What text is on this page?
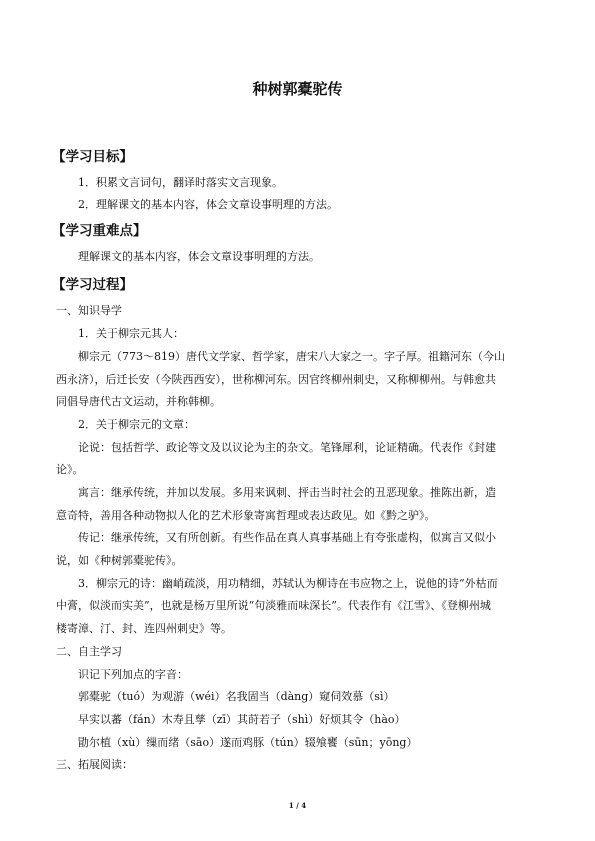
种树郭橐驼传
【学习目标】
1．积累文言词句，翻译时落实文言现象。
2．理解课文的基本内容，体会文章设事明理的方法。
【学习重难点】
理解课文的基本内容，体会文章设事明理的方法。
【学习过程】
一、知识导学
1．关于柳宗元其人：
柳宗元（773～819）唐代文学家、哲学家，唐宋八大家之一。字子厚。祖籍河东（今山
西永济），后迁长安（今陕西西安），世称柳河东。因官终柳州刺史，又称柳柳州。与韩愈共
同倡导唐代古文运动，并称韩柳。
2．关于柳宗元的文章：
论说：包括哲学、政论等文及以议论为主的杂文。笔锋犀利，论证精确。代表作《封建
论》。
寓言：继承传统，并加以发展。多用来讽刺、抨击当时社会的丑恶现象。推陈出新，造
意奇特，善用各种动物拟人化的艺术形象寄寓哲理或表达政见。如《黔之驴》。
传记：继承传统，又有所创新。有些作品在真人真事基础上有夸张虚构，似寓言又似小
说，如《种树郭橐驼传》。
3．柳宗元的诗：幽峭疏淡，用功精细，苏轼认为柳诗在韦应物之上，说他的诗“外枯而
中膏，似淡而实美”，也就是杨万里所说“句淡雅而味深长”。代表作有《江雪》、《登柳州城
楼寄漳、汀、封、连四州刺史》等。
二、自主学习
识记下列加点的字音：
郭橐驼（tuó）为观游（wéi）名我固当（dàng）窥伺效慕（sì）
早实以蕃（fán）木寿且孳（zī）其莳若子（shì）好烦其令（hào）
勖尔植（xù）缫而绪（sāo）遂而鸡豚（tún）辍飧饔（sūn；yōng）
三、拓展阅读：
1 / 4
